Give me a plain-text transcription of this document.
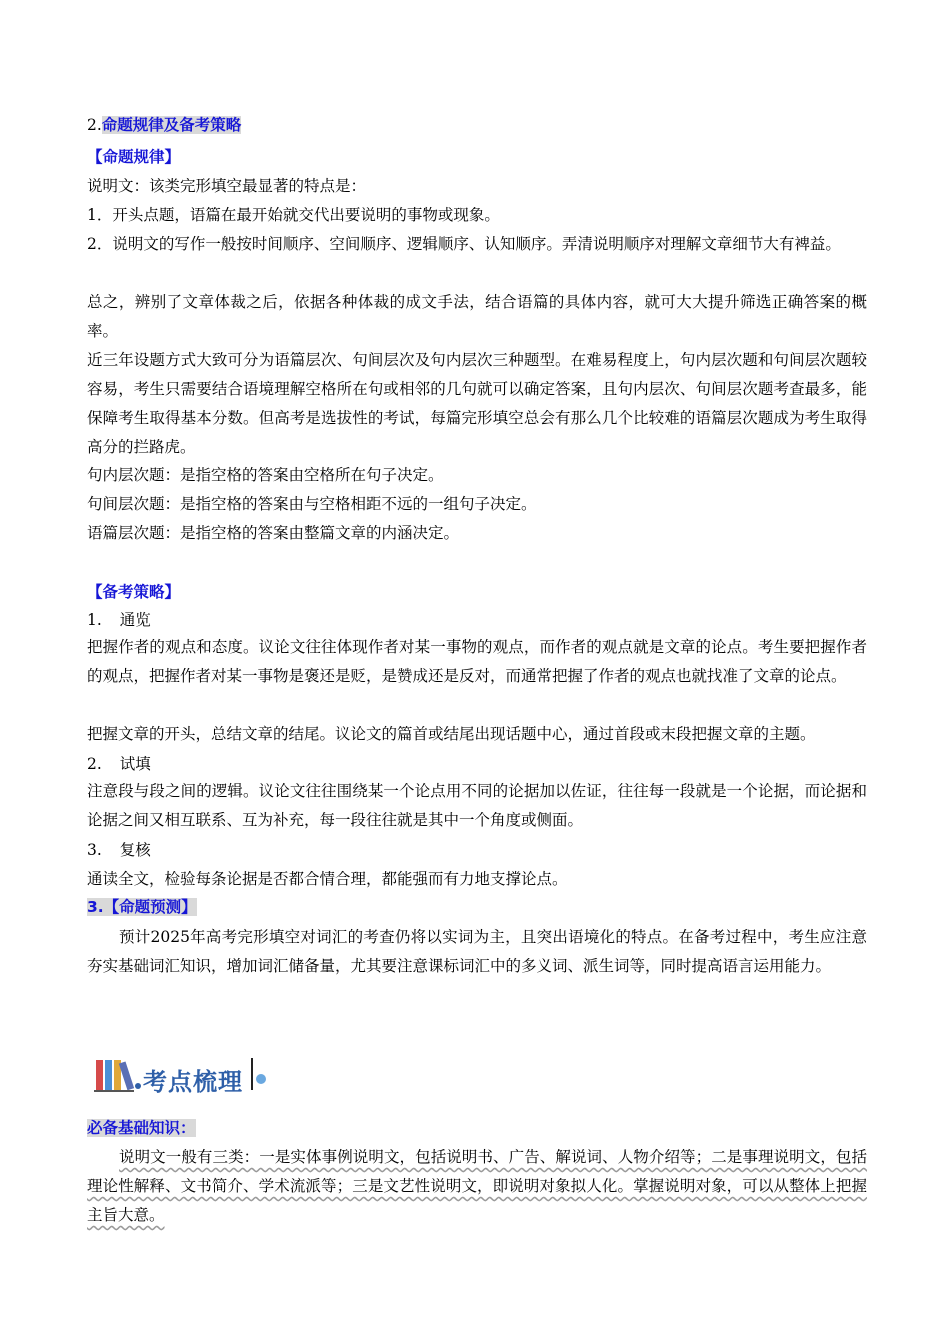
2.命题规律及备考策略
【命题规律】
说明文：该类完形填空最显著的特点是：
1．开头点题，语篇在最开始就交代出要说明的事物或现象。
2．说明文的写作一般按时间顺序、空间顺序、逻辑顺序、认知顺序。弄清说明顺序对理解文章细节大有裨益。
总之，辨别了文章体裁之后，依据各种体裁的成文手法，结合语篇的具体内容，就可大大提升筛选正确答案的概率。
近三年设题方式大致可分为语篇层次、句间层次及句内层次三种题型。在难易程度上，句内层次题和句间层次题较容易，考生只需要结合语境理解空格所在句或相邻的几句就可以确定答案，且句内层次、句间层次题考查最多，能保障考生取得基本分数。但高考是选拔性的考试，每篇完形填空总会有那么几个比较难的语篇层次题成为考生取得高分的拦路虎。
句内层次题：是指空格的答案由空格所在句子决定。
句间层次题：是指空格的答案由与空格相距不远的一组句子决定。
语篇层次题：是指空格的答案由整篇文章的内涵决定。
【备考策略】
1. 通览
把握作者的观点和态度。议论文往往体现作者对某一事物的观点，而作者的观点就是文章的论点。考生要把握作者的观点，把握作者对某一事物是褒还是贬，是赞成还是反对，而通常把握了作者的观点也就找准了文章的论点。
把握文章的开头，总结文章的结尾。议论文的篇首或结尾出现话题中心，通过首段或末段把握文章的主题。
2. 试填
注意段与段之间的逻辑。议论文往往围绕某一个论点用不同的论据加以佐证，往往每一段就是一个论据，而论据和论据之间又相互联系、互为补充，每一段往往就是其中一个角度或侧面。
3. 复核
通读全文，检验每条论据是否都合情合理，都能强而有力地支撑论点。
3.【命题预测】
预计2025年高考完形填空对词汇的考查仍将以实词为主，且突出语境化的特点。在备考过程中，考生应注意夯实基础词汇知识，增加词汇储备量，尤其要注意课标词汇中的多义词、派生词等，同时提高语言运用能力。
考点梳理
必备基础知识：
说明文一般有三类：一是实体事例说明文，包括说明书、广告、解说词、人物介绍等；二是事理说明文，包括理论性解释、文书简介、学术流派等；三是文艺性说明文，即说明对象拟人化。掌握说明对象，可以从整体上把握主旨大意。
